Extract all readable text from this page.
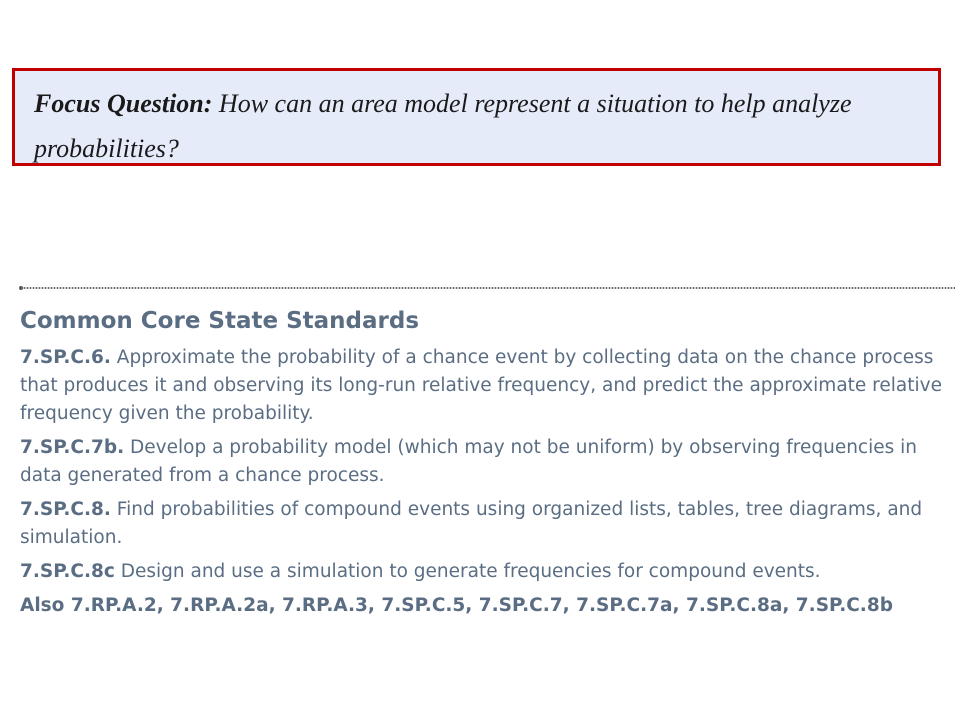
Focus Question: How can an area model represent a situation to help analyze probabilities?
Common Core State Standards

7.SP.C.6. Approximate the probability of a chance event by collecting data on the chance process that produces it and observing its long-run relative frequency, and predict the approximate relative frequency given the probability.

7.SP.C.7b. Develop a probability model (which may not be uniform) by observing frequencies in data generated from a chance process.

7.SP.C.8. Find probabilities of compound events using organized lists, tables, tree diagrams, and simulation.

7.SP.C.8c Design and use a simulation to generate frequencies for compound events.

Also 7.RP.A.2, 7.RP.A.2a, 7.RP.A.3, 7.SP.C.5, 7.SP.C.7, 7.SP.C.7a, 7.SP.C.8a, 7.SP.C.8b
